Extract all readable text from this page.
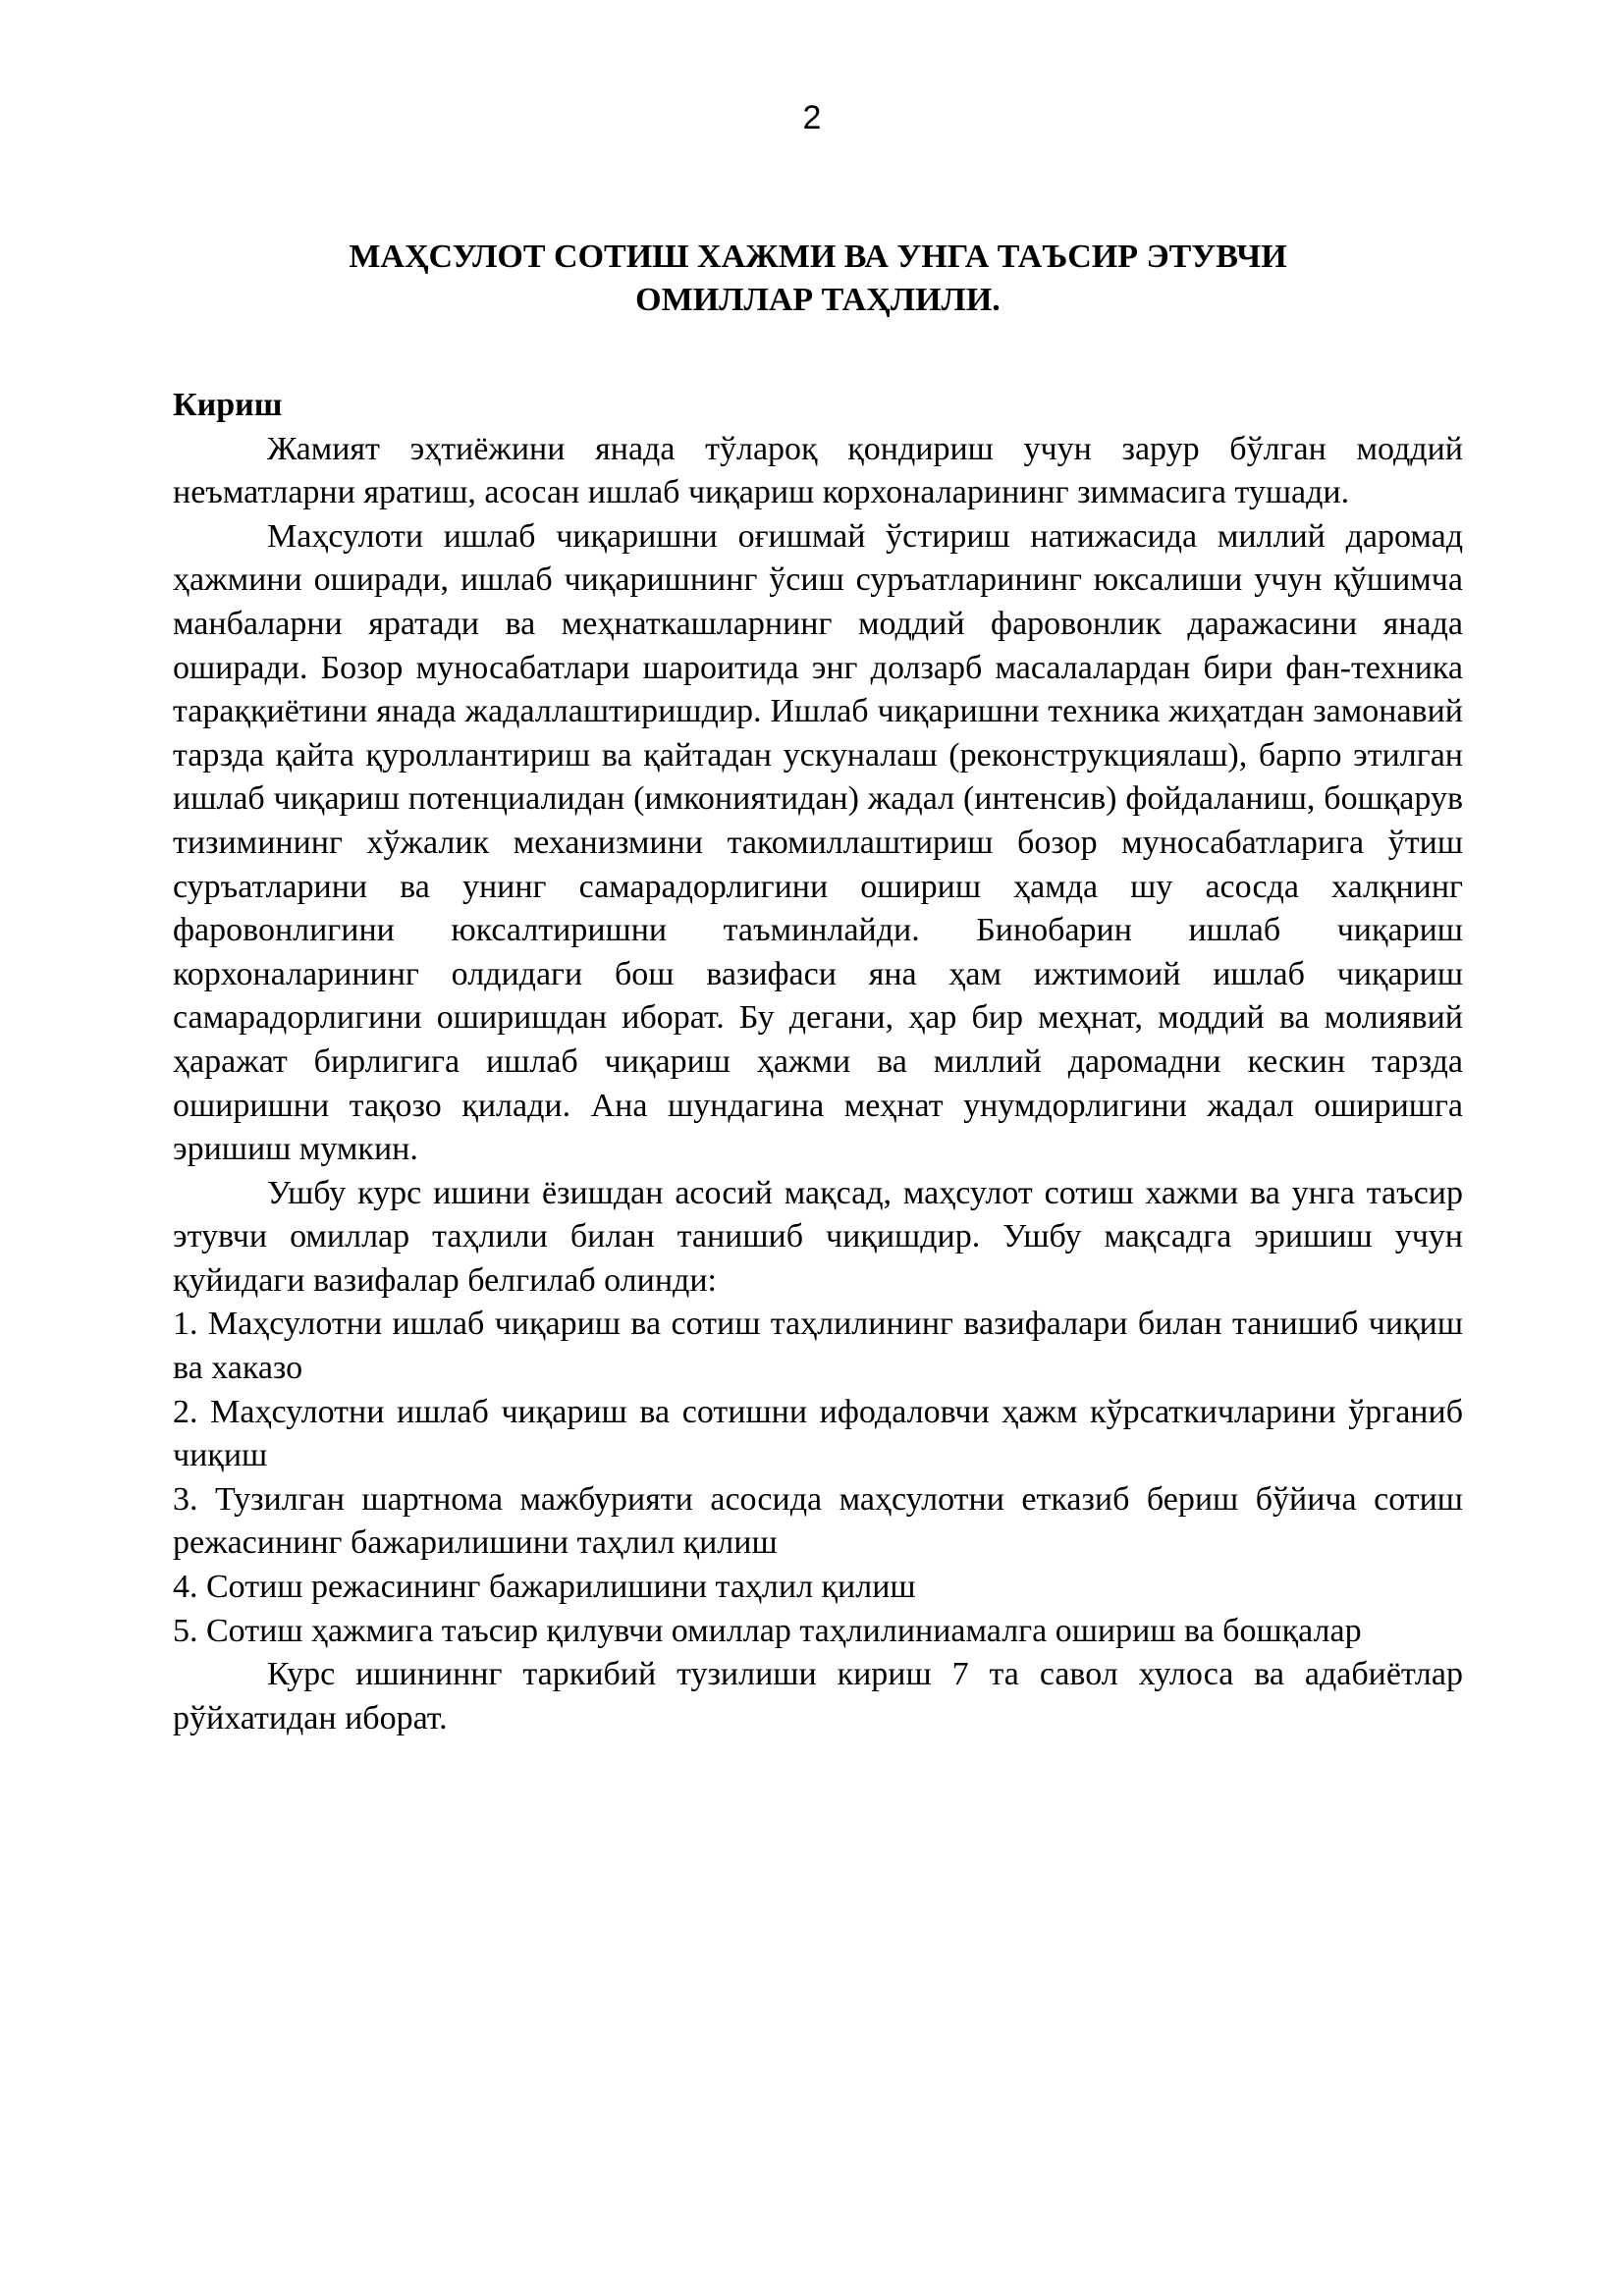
2

МАҲСУЛОТ СОТИШ ХАЖМИ ВА УНГА ТАЪСИР ЭТУВЧИ
ОМИЛЛАР ТАҲЛИЛИ.

Кириш

Жамият эҳтиёжини янада тўлароқ қондириш учун зарур бўлган моддий неъматларни яратиш, асосан ишлаб чиқариш корхоналарининг зиммасига тушади.

Маҳсулоти ишлаб чиқаришни оғишмай ўстириш натижасида миллий даромад ҳажмини оширади, ишлаб чиқаришнинг ўсиш суръатларининг юксалиши учун қўшимча манбаларни яратади ва меҳнаткашларнинг моддий фаровонлик даражасини янада оширади. Бозор муносабатлари шароитида энг долзарб масалалардан бири фан-техника тараққиётини янада жадаллаштиришдир. Ишлаб чиқаришни техника жиҳатдан замонавий тарзда қайта қуроллантириш ва қайтадан ускуналаш (реконструкциялаш), барпо этилган ишлаб чиқариш потенциалидан (имкониятидан) жадал (интенсив) фойдаланиш, бошқарув тизимининг хўжалик механизмини такомиллаштириш бозор муносабатларига ўтиш суръатларини ва унинг самарадорлигини ошириш ҳамда шу асосда халқнинг фаровонлигини юксалтиришни таъминлайди. Бинобарин ишлаб чиқариш корхоналарининг олдидаги бош вазифаси яна ҳам ижтимоий ишлаб чиқариш самарадорлигини оширишдан иборат. Бу дегани, ҳар бир меҳнат, моддий ва молиявий ҳаражат бирлигига ишлаб чиқариш ҳажми ва миллий даромадни кескин тарзда оширишни тақозо қилади. Ана шундагина меҳнат унумдорлигини жадал оширишга эришиш мумкин.

Ушбу курс ишини ёзишдан асосий мақсад, маҳсулот сотиш хажми ва унга таъсир этувчи омиллар таҳлили билан танишиб чиқишдир. Ушбу мақсадга эришиш учун қуйидаги вазифалар белгилаб олинди:

1. Маҳсулотни ишлаб чиқариш ва сотиш таҳлилининг вазифалари билан танишиб чиқиш ва хаказо

2. Маҳсулотни ишлаб чиқариш ва сотишни ифодаловчи ҳажм кўрсаткичларини ўрганиб чиқиш

3. Тузилган шартнома мажбурияти асосида маҳсулотни етказиб бериш бўйича сотиш режасининг бажарилишини таҳлил қилиш

4. Сотиш режасининг бажарилишини таҳлил қилиш

5. Сотиш ҳажмига таъсир қилувчи омиллар таҳлилиниамалга ошириш ва бошқалар

Курс ишининнг таркибий тузилиши кириш 7 та савол хулоса ва адабиётлар рўйхатидан иборат.
